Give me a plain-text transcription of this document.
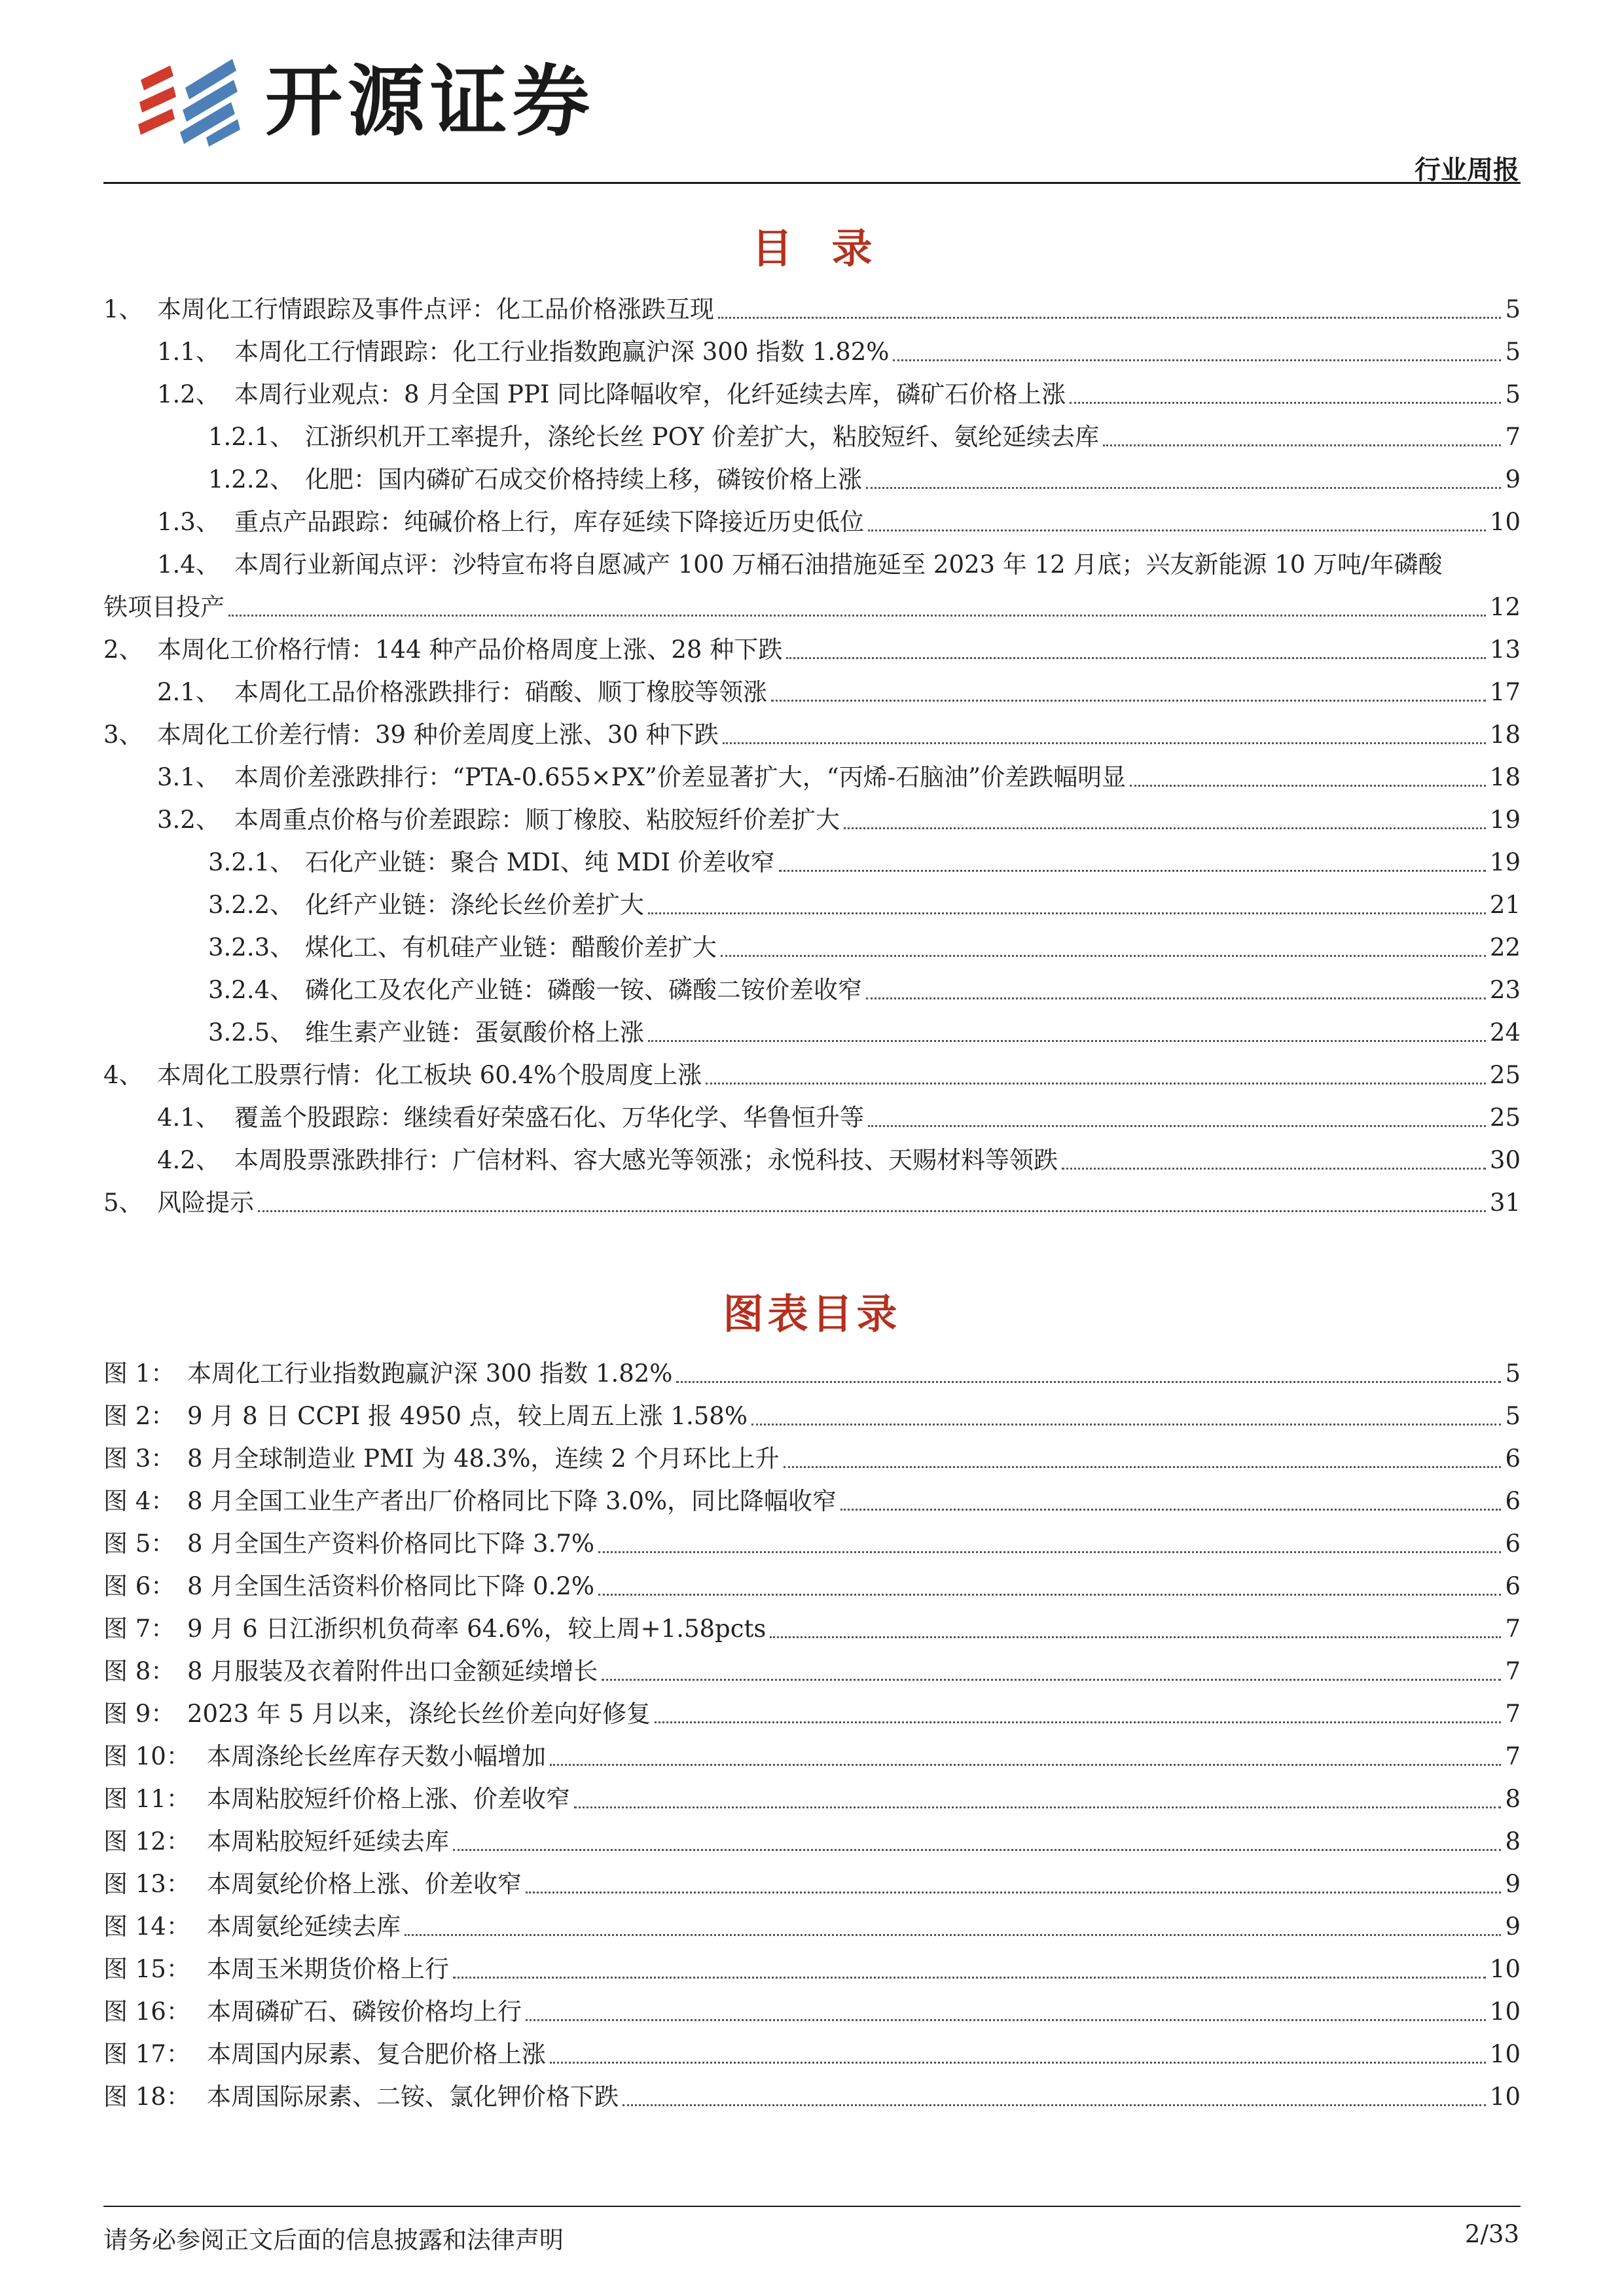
开源证券
行业周报
目录
1、 本周化工行情跟踪及事件点评：化工品价格涨跌互现	5
1.1、 本周化工行情跟踪：化工行业指数跑赢沪深 300 指数 1.82%	5
1.2、 本周行业观点：8 月全国 PPI 同比降幅收窄，化纤延续去库，磷矿石价格上涨	5
1.2.1、 江浙织机开工率提升，涤纶长丝 POY 价差扩大，粘胶短纤、氨纶延续去库	7
1.2.2、 化肥：国内磷矿石成交价格持续上移，磷铵价格上涨	9
1.3、 重点产品跟踪：纯碱价格上行，库存延续下降接近历史低位	10
1.4、 本周行业新闻点评：沙特宣布将自愿减产 100 万桶石油措施延至 2023 年 12 月底；兴友新能源 10 万吨/年磷酸
铁项目投产	12
2、 本周化工价格行情：144 种产品价格周度上涨、28 种下跌	13
2.1、 本周化工品价格涨跌排行：硝酸、顺丁橡胶等领涨	17
3、 本周化工价差行情：39 种价差周度上涨、30 种下跌	18
3.1、 本周价差涨跌排行：“PTA-0.655×PX”价差显著扩大，“丙烯-石脑油”价差跌幅明显	18
3.2、 本周重点价格与价差跟踪：顺丁橡胶、粘胶短纤价差扩大	19
3.2.1、 石化产业链：聚合 MDI、纯 MDI 价差收窄	19
3.2.2、 化纤产业链：涤纶长丝价差扩大	21
3.2.3、 煤化工、有机硅产业链：醋酸价差扩大	22
3.2.4、 磷化工及农化产业链：磷酸一铵、磷酸二铵价差收窄	23
3.2.5、 维生素产业链：蛋氨酸价格上涨	24
4、 本周化工股票行情：化工板块 60.4%个股周度上涨	25
4.1、 覆盖个股跟踪：继续看好荣盛石化、万华化学、华鲁恒升等	25
4.2、 本周股票涨跌排行：广信材料、容大感光等领涨；永悦科技、天赐材料等领跌	30
5、 风险提示	31
图表目录
图 1： 本周化工行业指数跑赢沪深 300 指数 1.82%	5
图 2： 9 月 8 日 CCPI 报 4950 点，较上周五上涨 1.58%	5
图 3： 8 月全球制造业 PMI 为 48.3%，连续 2 个月环比上升	6
图 4： 8 月全国工业生产者出厂价格同比下降 3.0%，同比降幅收窄	6
图 5： 8 月全国生产资料价格同比下降 3.7%	6
图 6： 8 月全国生活资料价格同比下降 0.2%	6
图 7： 9 月 6 日江浙织机负荷率 64.6%，较上周+1.58pcts	7
图 8： 8 月服装及衣着附件出口金额延续增长	7
图 9： 2023 年 5 月以来，涤纶长丝价差向好修复	7
图 10： 本周涤纶长丝库存天数小幅增加	7
图 11： 本周粘胶短纤价格上涨、价差收窄	8
图 12： 本周粘胶短纤延续去库	8
图 13： 本周氨纶价格上涨、价差收窄	9
图 14： 本周氨纶延续去库	9
图 15： 本周玉米期货价格上行	10
图 16： 本周磷矿石、磷铵价格均上行	10
图 17： 本周国内尿素、复合肥价格上涨	10
图 18： 本周国际尿素、二铵、氯化钾价格下跌	10
请务必参阅正文后面的信息披露和法律声明	2/33
